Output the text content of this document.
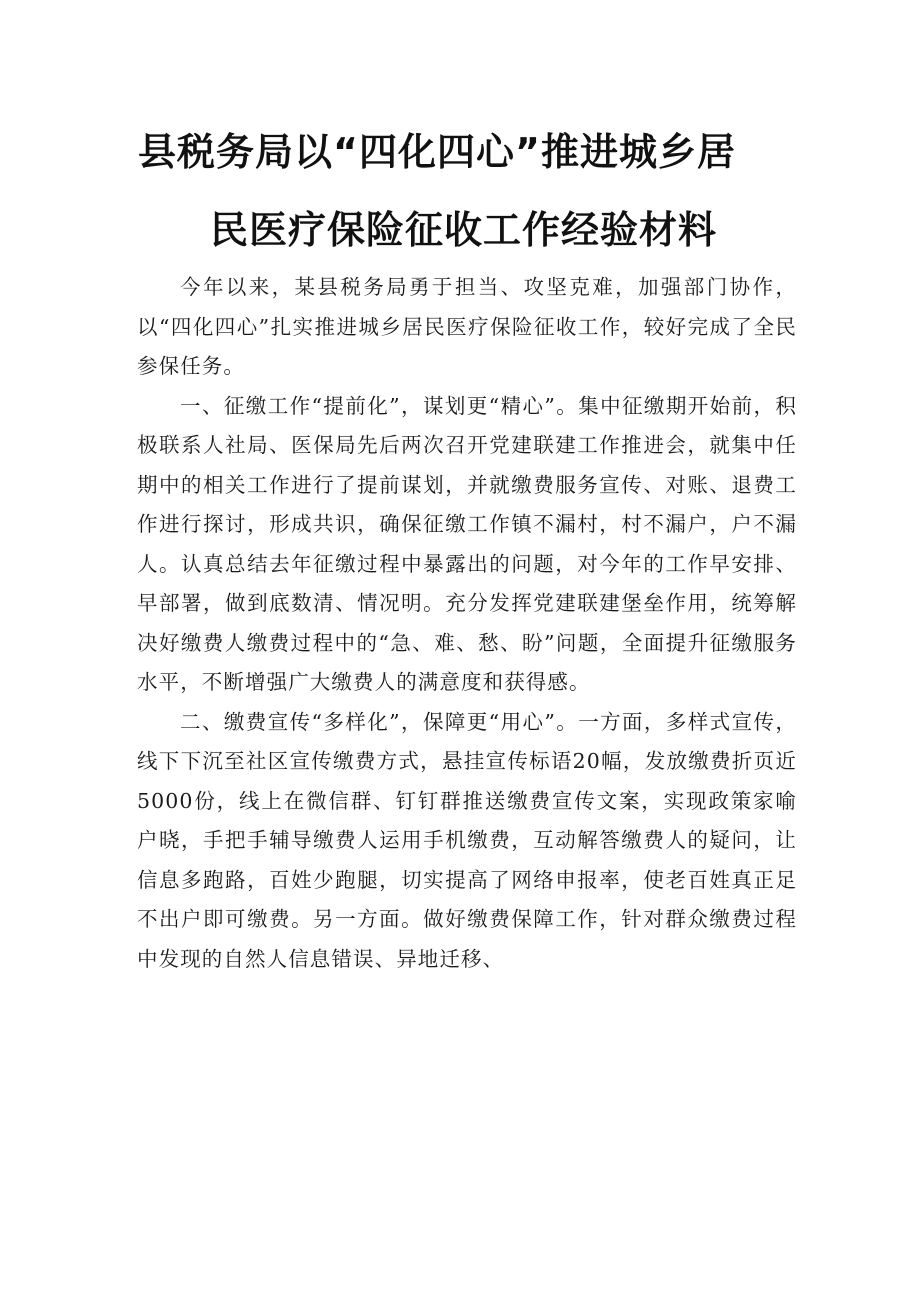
县税务局以“四化四心”推进城乡居
民医疗保险征收工作经验材料

今年以来，某县税务局勇于担当、攻坚克难，加强部门协作，以“四化四心”扎实推进城乡居民医疗保险征收工作，较好完成了全民参保任务。

一、征缴工作“提前化”，谋划更“精心”。集中征缴期开始前，积极联系人社局、医保局先后两次召开党建联建工作推进会，就集中任期中的相关工作进行了提前谋划，并就缴费服务宣传、对账、退费工作进行探讨，形成共识，确保征缴工作镇不漏村，村不漏户，户不漏人。认真总结去年征缴过程中暴露出的问题，对今年的工作早安排、早部署，做到底数清、情况明。充分发挥党建联建堡垒作用，统筹解决好缴费人缴费过程中的“急、难、愁、盼”问题，全面提升征缴服务水平，不断增强广大缴费人的满意度和获得感。

二、缴费宣传“多样化”，保障更“用心”。一方面，多样式宣传，线下下沉至社区宣传缴费方式，悬挂宣传标语20幅，发放缴费折页近5000份，线上在微信群、钉钉群推送缴费宣传文案，实现政策家喻户晓，手把手辅导缴费人运用手机缴费，互动解答缴费人的疑问，让信息多跑路，百姓少跑腿，切实提高了网络申报率，使老百姓真正足不出户即可缴费。另一方面。做好缴费保障工作，针对群众缴费过程中发现的自然人信息错误、异地迁移、
